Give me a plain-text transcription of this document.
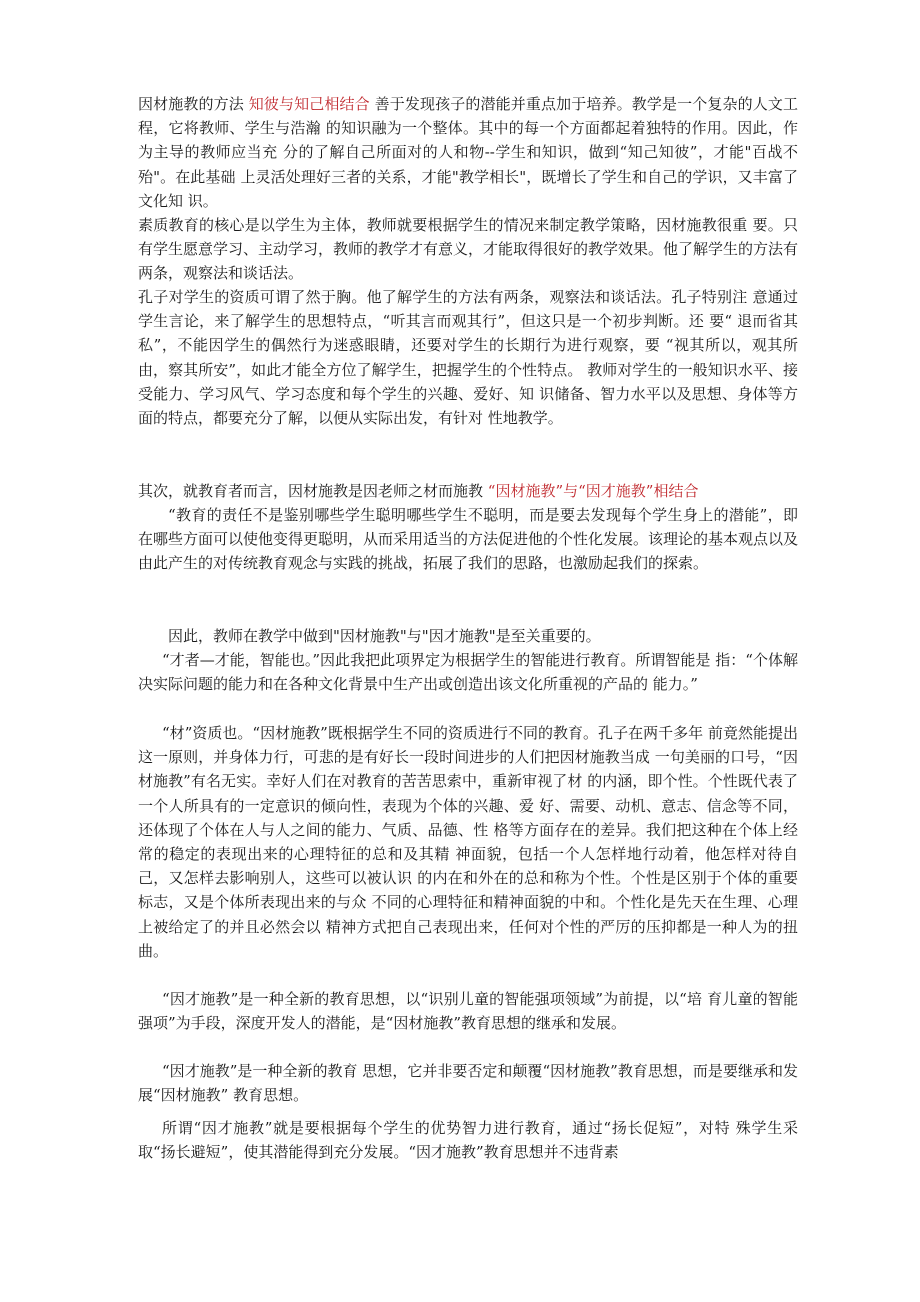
因材施教的方法 知彼与知己相结合 善于发现孩子的潜能并重点加于培养。教学是一个复杂的人文工程，它将教师、学生与浩瀚 的知识融为一个整体。其中的每一个方面都起着独特的作用。因此，作为主导的教师应当充 分的了解自己所面对的人和物--学生和知识，做到“知己知彼”，才能"百战不殆"。在此基础 上灵活处理好三者的关系，才能"教学相长"，既增长了学生和自己的学识，又丰富了文化知 识。

素质教育的核心是以学生为主体，教师就要根据学生的情况来制定教学策略，因材施教很重 要。只有学生愿意学习、主动学习，教师的教学才有意义，才能取得很好的教学效果。他了解学生的方法有两条，观察法和谈话法。

孔子对学生的资质可谓了然于胸。他了解学生的方法有两条，观察法和谈话法。孔子特别注 意通过学生言论，来了解学生的思想特点，“听其言而观其行”，但这只是一个初步判断。还 要“ 退而省其私”，不能因学生的偶然行为迷惑眼睛，还要对学生的长期行为进行观察，要 “视其所以，观其所由，察其所安”，如此才能全方位了解学生，把握学生的个性特点。 教师对学生的一般知识水平、接受能力、学习风气、学习态度和每个学生的兴趣、爱好、知 识储备、智力水平以及思想、身体等方面的特点，都要充分了解，以便从实际出发，有针对 性地教学。

其次，就教育者而言，因材施教是因老师之材而施教 “因材施教”与“因才施教”相结合

“教育的责任不是鉴别哪些学生聪明哪些学生不聪明，而是要去发现每个学生身上的潜能”，即在哪些方面可以使他变得更聪明，从而采用适当的方法促进他的个性化发展。该理论的基本观点以及由此产生的对传统教育观念与实践的挑战，拓展了我们的思路，也激励起我们的探索。

因此，教师在教学中做到"因材施教"与"因才施教"是至关重要的。

“才者—才能，智能也。”因此我把此项界定为根据学生的智能进行教育。所谓智能是 指：“个体解决实际问题的能力和在各种文化背景中生产出或创造出该文化所重视的产品的 能力。”

“材”资质也。“因材施教”既根据学生不同的资质进行不同的教育。孔子在两千多年 前竟然能提出这一原则，并身体力行，可悲的是有好长一段时间进步的人们把因材施教当成 一句美丽的口号，“因材施教”有名无实。幸好人们在对教育的苦苦思索中，重新审视了材 的内涵，即个性。个性既代表了一个人所具有的一定意识的倾向性，表现为个体的兴趣、爱 好、需要、动机、意志、信念等不同，还体现了个体在人与人之间的能力、气质、品德、性 格等方面存在的差异。我们把这种在个体上经常的稳定的表现出来的心理特征的总和及其精 神面貌，包括一个人怎样地行动着，他怎样对待自己，又怎样去影响别人，这些可以被认识 的内在和外在的总和称为个性。个性是区别于个体的重要标志，又是个体所表现出来的与众 不同的心理特征和精神面貌的中和。个性化是先天在生理、心理上被给定了的并且必然会以 精神方式把自己表现出来，任何对个性的严厉的压抑都是一种人为的扭曲。

“因才施教”是一种全新的教育思想，以“识别儿童的智能强项领域”为前提，以“培 育儿童的智能强项”为手段，深度开发人的潜能，是“因材施教”教育思想的继承和发展。

“因才施教”是一种全新的教育 思想，它并非要否定和颠覆“因材施教”教育思想，而是要继承和发展“因材施教” 教育思想。

所谓“因才施教”就是要根据每个学生的优势智力进行教育，通过“扬长促短”，对特 殊学生采取“扬长避短”，使其潜能得到充分发展。“因才施教”教育思想并不违背素
